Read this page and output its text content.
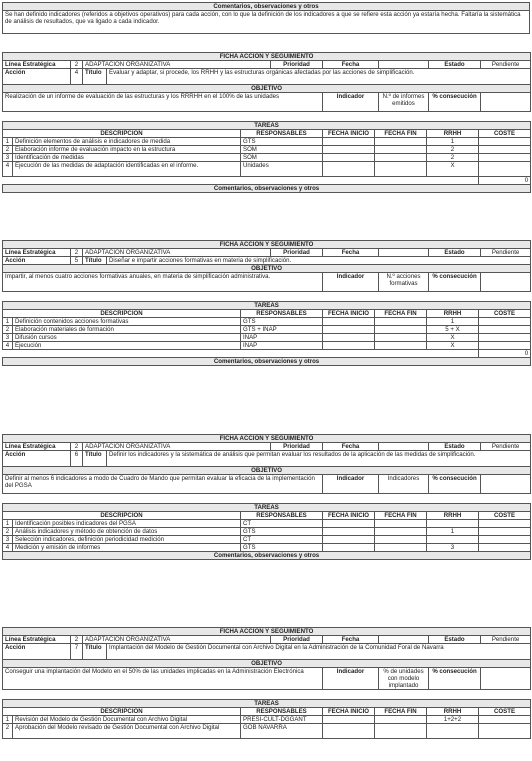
Comentarios, observaciones y otros
Se han definido indicadores (referidos a objetivos operativos) para cada acción, con lo que la definición de los indicadores a que se refiere esta acción ya estaría hecha. Faltaría la sistemática de análisis de resultados, que va ligado a cada indicador.
FICHA ACCION Y SEGUIMIENTO								
Línea Estratégica	2	ADAPTACIÓN ORGANIZATIVA		Prioridad	Fecha		Estado	Pendiente
Acción	4	Título	Evaluar y adaptar, si procede, los RRHH y las estructuras orgánicas afectadas por las acciones de simplificación.					
OBJETIVO								
Realización de un informe de evaluación de las estructuras y los RRRHH en el 100% de las unidades					Indicador	N.º de informes emitidos	% consecución	
TAREAS						
DESCRIPCIÓN		RESPONSABLES	FECHA INICIO	FECHA FIN	RRHH	COSTE
1	Definición elementos de análisis e indicadores de medida	GTS			1	
2	Elaboración informe de evaluación impacto en la estructura	SOM			2	
3	Identificación de medidas	SOM			2	
4	Ejecución de las medidas de adaptación identificadas en el informe.	Unidades			X	
						0
Comentarios, observaciones y otros						
FICHA ACCION Y SEGUIMIENTO								
Línea Estratégica	2	ADAPTACIÓN ORGANIZATIVA		Prioridad	Fecha		Estado	Pendiente
Acción	5	Título	Diseñar e impartir acciones formativas en materia de simplificación.					
OBJETIVO								
Impartir, al menos cuatro acciones formativas anuales, en materia de simplificación administrativa.					Indicador	N.º acciones formativas	% consecución	
TAREAS						
DESCRIPCIÓN		RESPONSABLES	FECHA INICIO	FECHA FIN	RRHH	COSTE
1	Definición contenidos acciones formativas	GTS			1	
2	Elaboración materiales de formación	GTS + INAP			5 + X	
3	Difusión cursos	INAP			X	
4	Ejecución	INAP			X	
						0
Comentarios, observaciones y otros						
FICHA ACCION Y SEGUIMIENTO								
Línea Estratégica	2	ADAPTACIÓN ORGANIZATIVA		Prioridad	Fecha		Estado	Pendiente
Acción	6	Título	Definir los indicadores y la sistemática de análisis que permitan evaluar los resultados de la aplicación de las medidas de simplificación.					
OBJETIVO								
Definir al menos 6 indicadores a modo de Cuadro de Mando que permitan evaluar la eficacia de la implementación del PGSA					Indicador	Indicadores	% consecución	
TAREAS						
DESCRIPCIÓN		RESPONSABLES	FECHA INICIO	FECHA FIN	RRHH	COSTE
1	Identificación posibles indicadores del PGSA	CT				
2	Análisis indicadores y método de obtención de datos	GTS			1	
3	Selección indicadores, definición periodicidad medición	CT				
4	Medición y emisión de informes	GTS			3	
Comentarios, observaciones y otros						
FICHA ACCION Y SEGUIMIENTO								
Línea Estratégica	2	ADAPTACIÓN ORGANIZATIVA		Prioridad	Fecha		Estado	Pendiente
Acción	7	Título	Implantación del Modelo de Gestión Documental con Archivo Digital en la Administración de la Comunidad Foral de Navarra					
OBJETIVO								
Conseguir una implantación del Modelo en el 50% de las unidades implicadas en la Administración Electrónica					Indicador	% de unidades con modelo implantado	% consecución	
TAREAS						
DESCRIPCIÓN		RESPONSABLES	FECHA INICIO	FECHA FIN	RRHH	COSTE
1	Revisión del Modelo de Gestión Documental con Archivo Digital	PRESI-CULT-DGGANT			1+2+2	
2	Aprobación del Modelo revisado de Gestión Documental con Archivo Digital	GOB NAVARRA				
